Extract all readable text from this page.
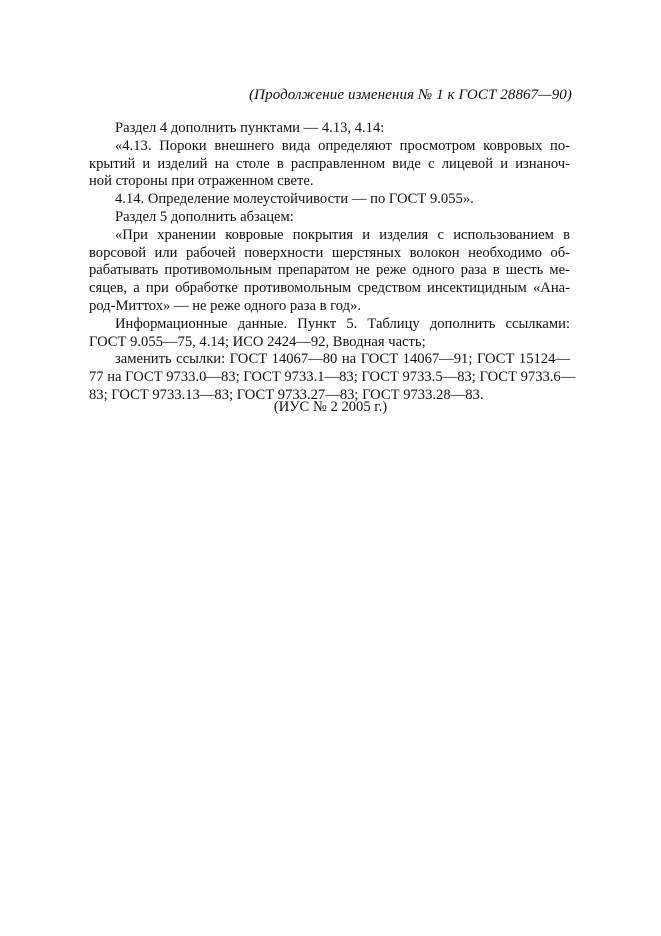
(Продолжение изменения № 1 к ГОСТ 28867—90)
Раздел 4 дополнить пунктами — 4.13, 4.14:
«4.13. Пороки внешнего вида определяют просмотром ковровых по-
крытий и изделий на столе в расправленном виде с лицевой и изнаноч-
ной стороны при отраженном свете.
4.14. Определение молеустойчивости — по ГОСТ 9.055».
Раздел 5 дополнить абзацем:
«При хранении ковровые покрытия и изделия с использованием в
ворсовой или рабочей поверхности шерстяных волокон необходимо об-
рабатывать противомольным препаратом не реже одного раза в шесть ме-
сяцев, а при обработке противомольным средством инсектицидным «Ана-
род-Миттох» — не реже одного раза в год».
Информационные данные. Пункт 5. Таблицу дополнить ссылками:
ГОСТ 9.055—75, 4.14; ИСО 2424—92, Вводная часть;
заменить ссылки: ГОСТ 14067—80 на ГОСТ 14067—91; ГОСТ 15124—
77 на ГОСТ 9733.0—83; ГОСТ 9733.1—83; ГОСТ 9733.5—83; ГОСТ 9733.6—
83; ГОСТ 9733.13—83; ГОСТ 9733.27—83; ГОСТ 9733.28—83.
(ИУС № 2 2005 г.)
